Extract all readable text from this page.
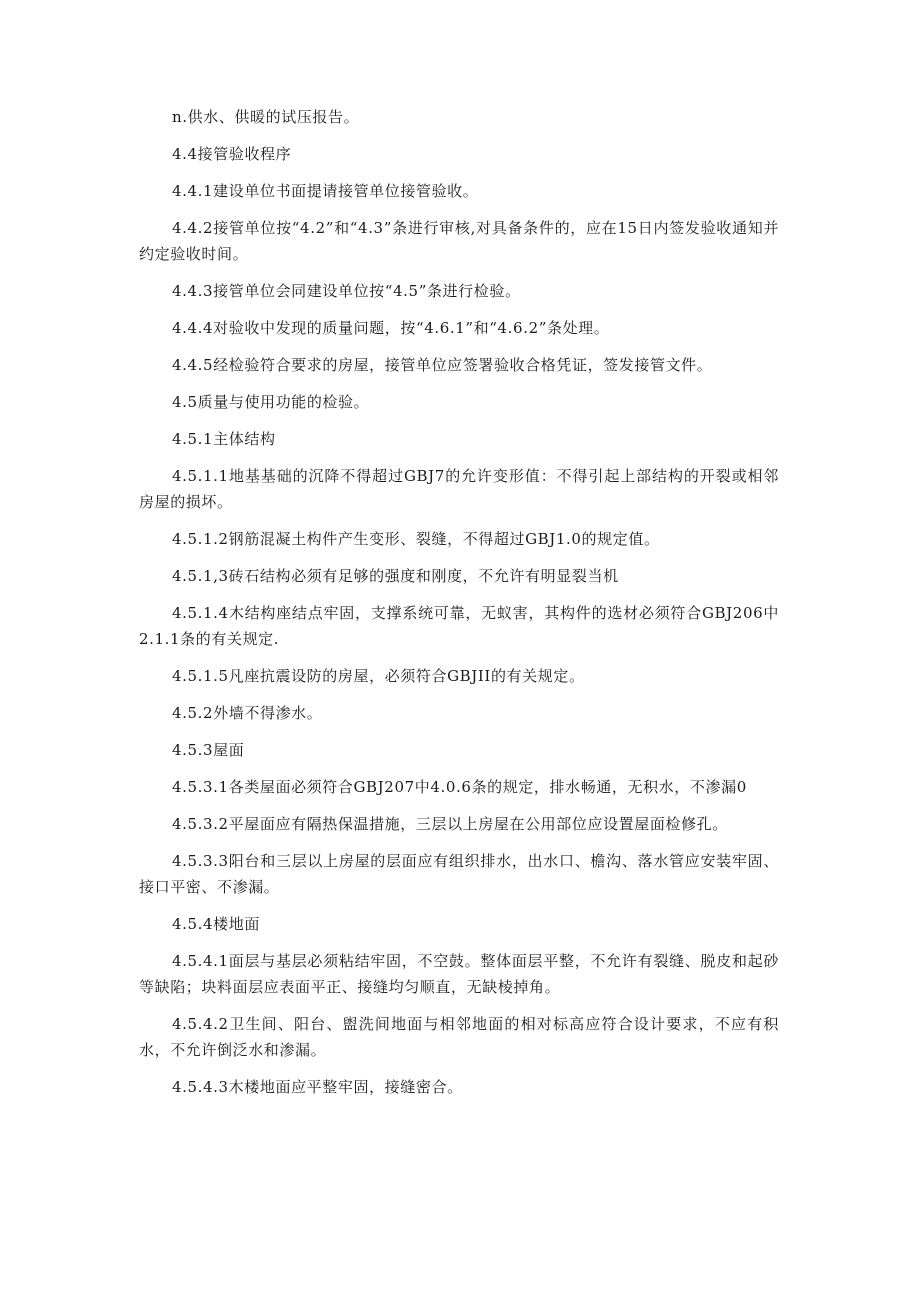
n.供水、供暖的试压报告。

4.4接管验收程序

4.4.1建设单位书面提请接管单位接管验收。

4.4.2接管单位按“4.2”和“4.3”条进行审核,对具备条件的，应在15日内签发验收通知并约定验收时间。

4.4.3接管单位会同建设单位按“4.5”条进行检验。

4.4.4对验收中发现的质量问题，按“4.6.1”和“4.6.2”条处理。

4.4.5经检验符合要求的房屋，接管单位应签署验收合格凭证，签发接管文件。

4.5质量与使用功能的检验。

4.5.1主体结构

4.5.1.1地基基础的沉降不得超过GBJ7的允许变形值：不得引起上部结构的开裂或相邻房屋的损坏。

4.5.1.2钢筋混凝土构件产生变形、裂缝，不得超过GBJ1.0的规定值。

4.5.1,3砖石结构必须有足够的强度和刚度，不允许有明显裂当机

4.5.1.4木结构座结点牢固，支撑系统可靠，无蚁害，其构件的选材必须符合GBJ206中2.1.1条的有关规定.

4.5.1.5凡座抗震设防的房屋，必须符合GBJII的有关规定。

4.5.2外墙不得渗水。

4.5.3屋面

4.5.3.1各类屋面必须符合GBJ207中4.0.6条的规定，排水畅通，无积水，不渗漏0

4.5.3.2平屋面应有隔热保温措施，三层以上房屋在公用部位应设置屋面检修孔。

4.5.3.3阳台和三层以上房屋的层面应有组织排水，出水口、檐沟、落水管应安装牢固、接口平密、不渗漏。

4.5.4楼地面

4.5.4.1面层与基层必须粘结牢固，不空鼓。整体面层平整，不允许有裂缝、脱皮和起砂等缺陷；块料面层应表面平正、接缝均匀顺直，无缺棱掉角。

4.5.4.2卫生间、阳台、盥洗间地面与相邻地面的相对标高应符合设计要求，不应有积水，不允许倒泛水和渗漏。

4.5.4.3木楼地面应平整牢固，接缝密合。
